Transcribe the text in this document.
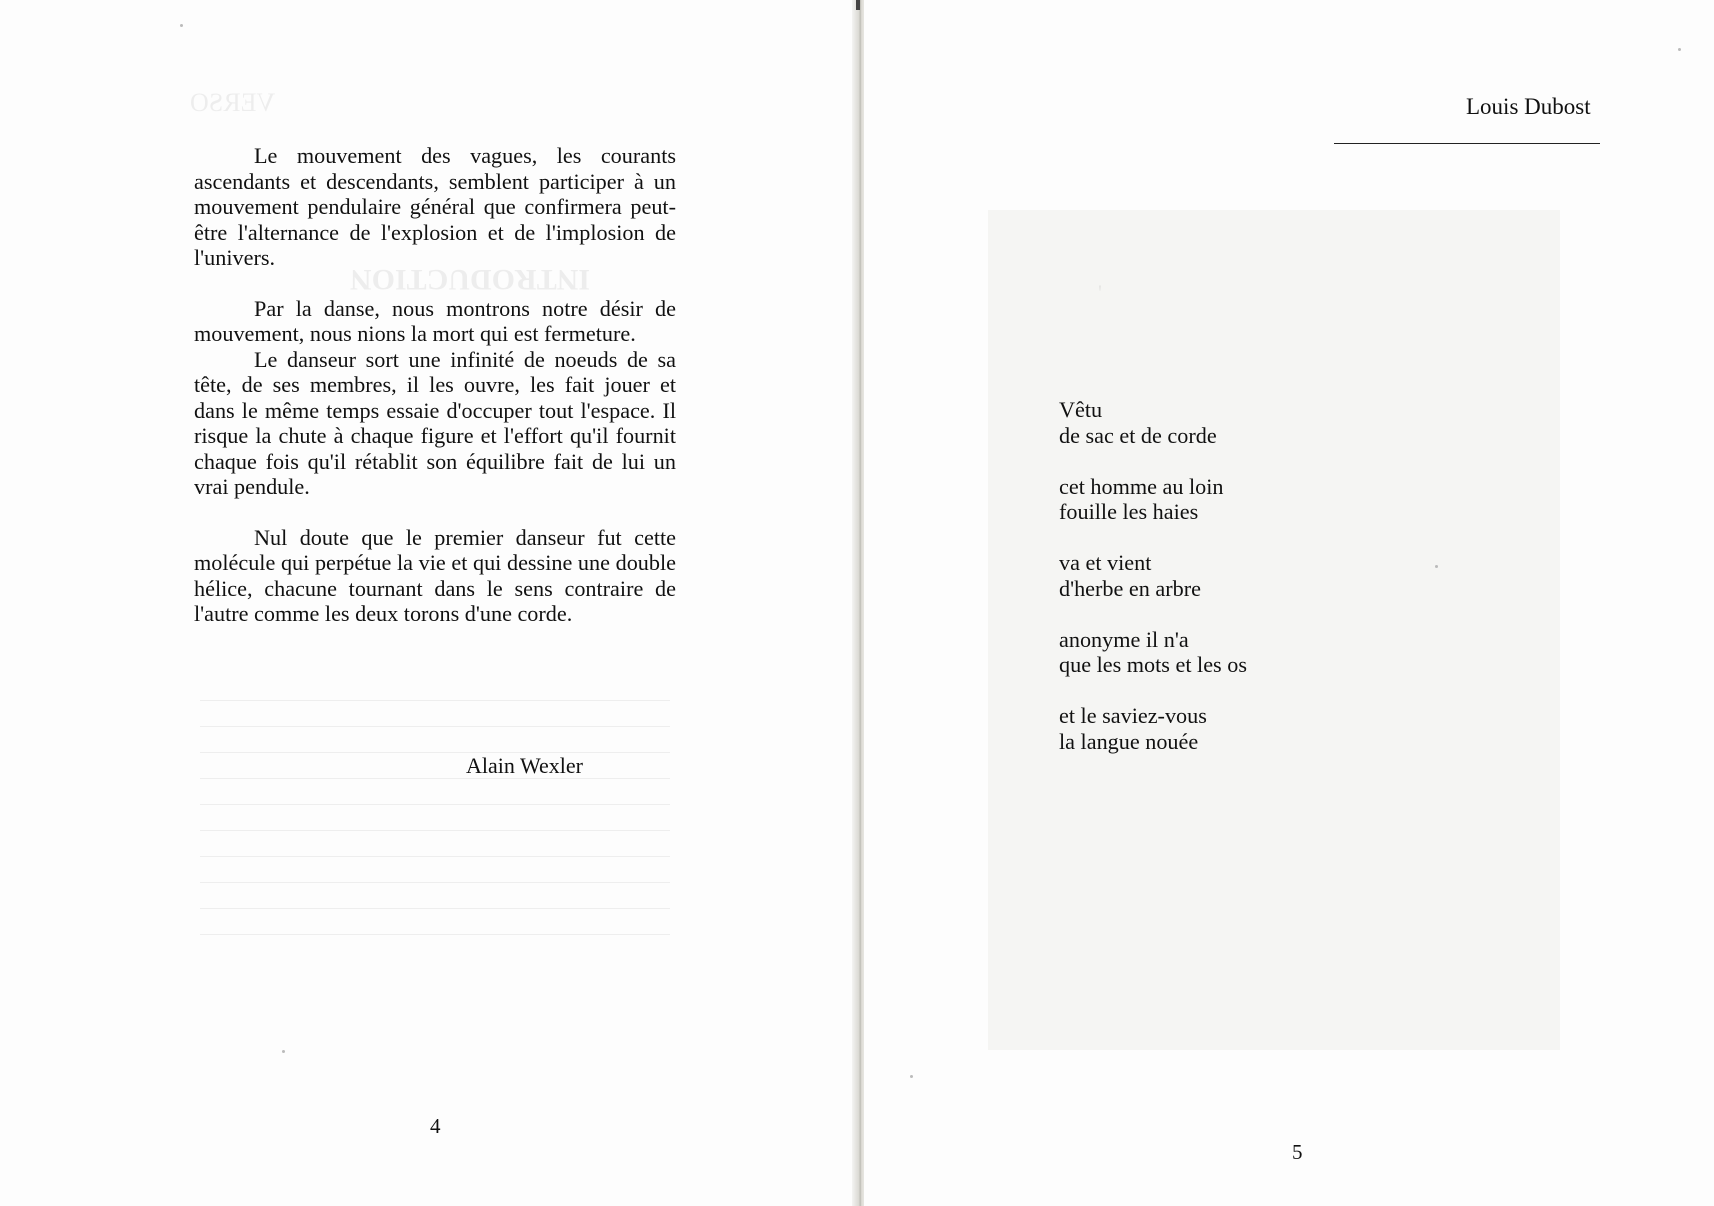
VERSO
INTRODUCTION

Le mouvement des vagues, les courants ascendants et descendants, semblent participer à un mouvement pendulaire général que confirmera peut-être l'alternance de l'explosion et de l'implosion de l'univers.

Par la danse, nous montrons notre désir de mouvement, nous nions la mort qui est fermeture.

Le danseur sort une infinité de noeuds de sa tête, de ses membres, il les ouvre, les fait jouer et dans le même temps essaie d'occuper tout l'espace. Il risque la chute à chaque figure et l'effort qu'il fournit chaque fois qu'il rétablit son équilibre fait de lui un vrai pendule.

Nul doute que le premier danseur fut cette molécule qui perpétue la vie et qui dessine une double hélice, chacune tournant dans le sens contraire de l'autre comme les deux torons d'une corde.

Alain Wexler
4
'
Louis Dubost
Vêtu
de sac et de corde
cet homme au loin
fouille les haies
va et vient
d'herbe en arbre
anonyme il n'a
que les mots et les os
et le saviez-vous
la langue nouée
5
